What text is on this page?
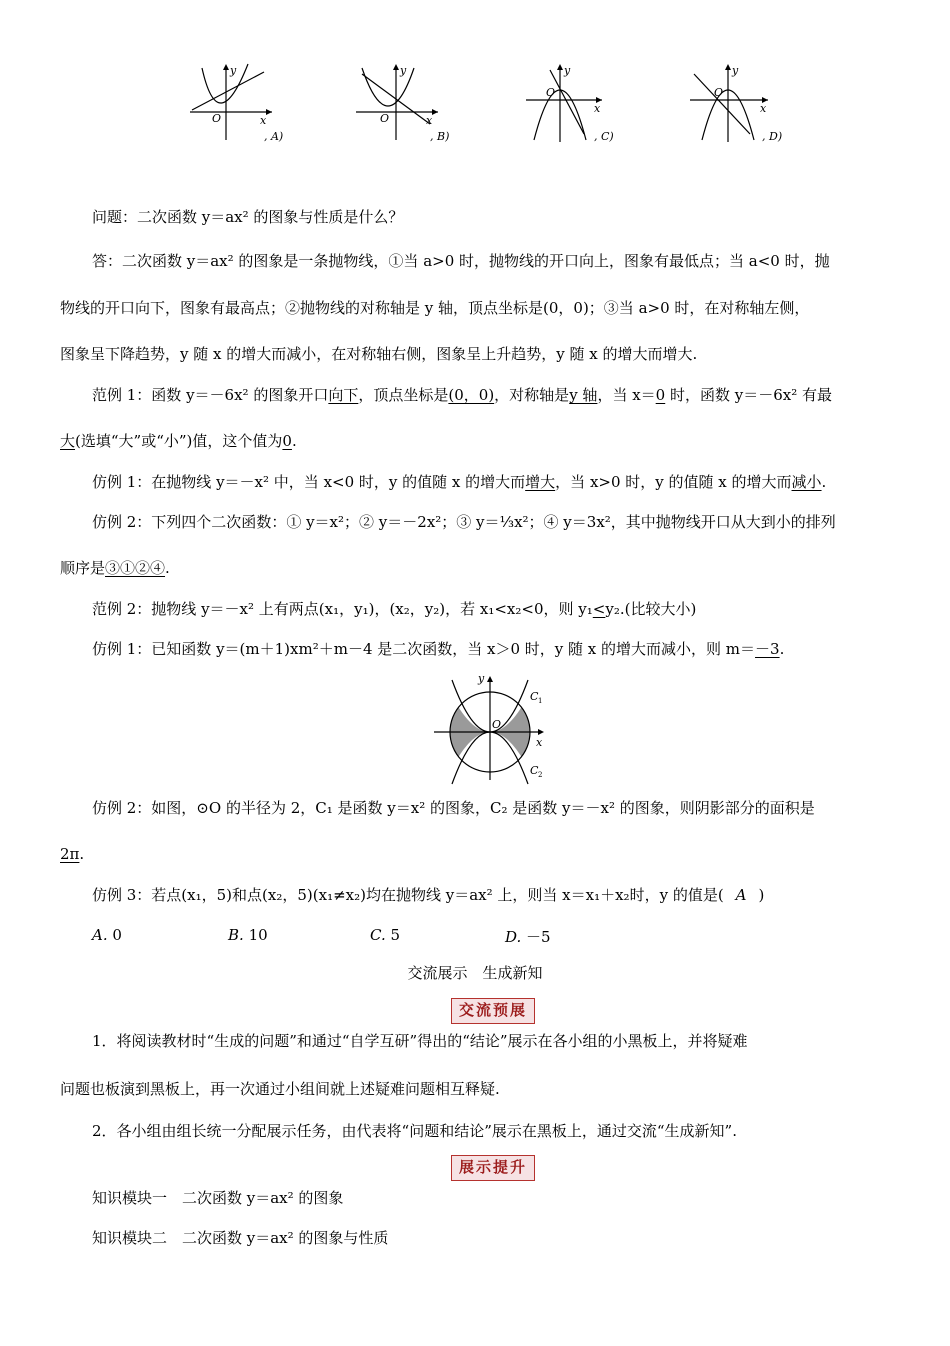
y
O	x
, A)
y
O	x
, B)
y
O
x
, C)
y
O
x
, D)
问题：二次函数 y＝ax² 的图象与性质是什么？
答：二次函数 y＝ax² 的图象是一条抛物线，①当 a>0 时，抛物线的开口向上，图象有最低点；当 a<0 时，抛
物线的开口向下，图象有最高点；②抛物线的对称轴是 y 轴，顶点坐标是(0，0)；③当 a>0 时，在对称轴左侧，
图象呈下降趋势，y 随 x 的增大而减小，在对称轴右侧，图象呈上升趋势，y 随 x 的增大而增大.
范例 1：函数 y＝－6x² 的图象开口向下，顶点坐标是(0，0)，对称轴是y 轴，当 x＝0 时，函数 y＝－6x² 有最
大(选填“大”或“小”)值，这个值为0.
仿例 1：在抛物线 y＝－x² 中，当 x<0 时，y 的值随 x 的增大而增大，当 x>0 时，y 的值随 x 的增大而减小.
仿例 2：下列四个二次函数：① y＝x²；② y＝－2x²；③ y＝⅓x²；④ y＝3x²，其中抛物线开口从大到小的排列
顺序是③①②④.
范例 2：抛物线 y＝－x² 上有两点(x₁，y₁)，(x₂，y₂)，若 x₁<x₂<0，则 y₁<y₂.(比较大小)
仿例 1：已知函数 y＝(m＋1)xm²＋m－4 是二次函数，当 x＞0 时，y 随 x 的增大而减小，则 m＝－3.
y
O
x
C 1
C 2
仿例 2：如图，⊙O 的半径为 2，C₁ 是函数 y＝x² 的图象，C₂ 是函数 y＝－x² 的图象，则阴影部分的面积是
2π.
仿例 3：若点(x₁，5)和点(x₂，5)(x₁≠x₂)均在抛物线 y＝ax² 上，则当 x＝x₁＋x₂时，y 的值是( A )
A. 0	B. 10	C. 5	D. －5
交流展示　生成新知
交流预展
1．将阅读教材时“生成的问题”和通过“自学互研”得出的“结论”展示在各小组的小黑板上，并将疑难
问题也板演到黑板上，再一次通过小组间就上述疑难问题相互释疑.
2．各小组由组长统一分配展示任务，由代表将“问题和结论”展示在黑板上，通过交流“生成新知”.
展示提升
知识模块一　二次函数 y＝ax² 的图象
知识模块二　二次函数 y＝ax² 的图象与性质
